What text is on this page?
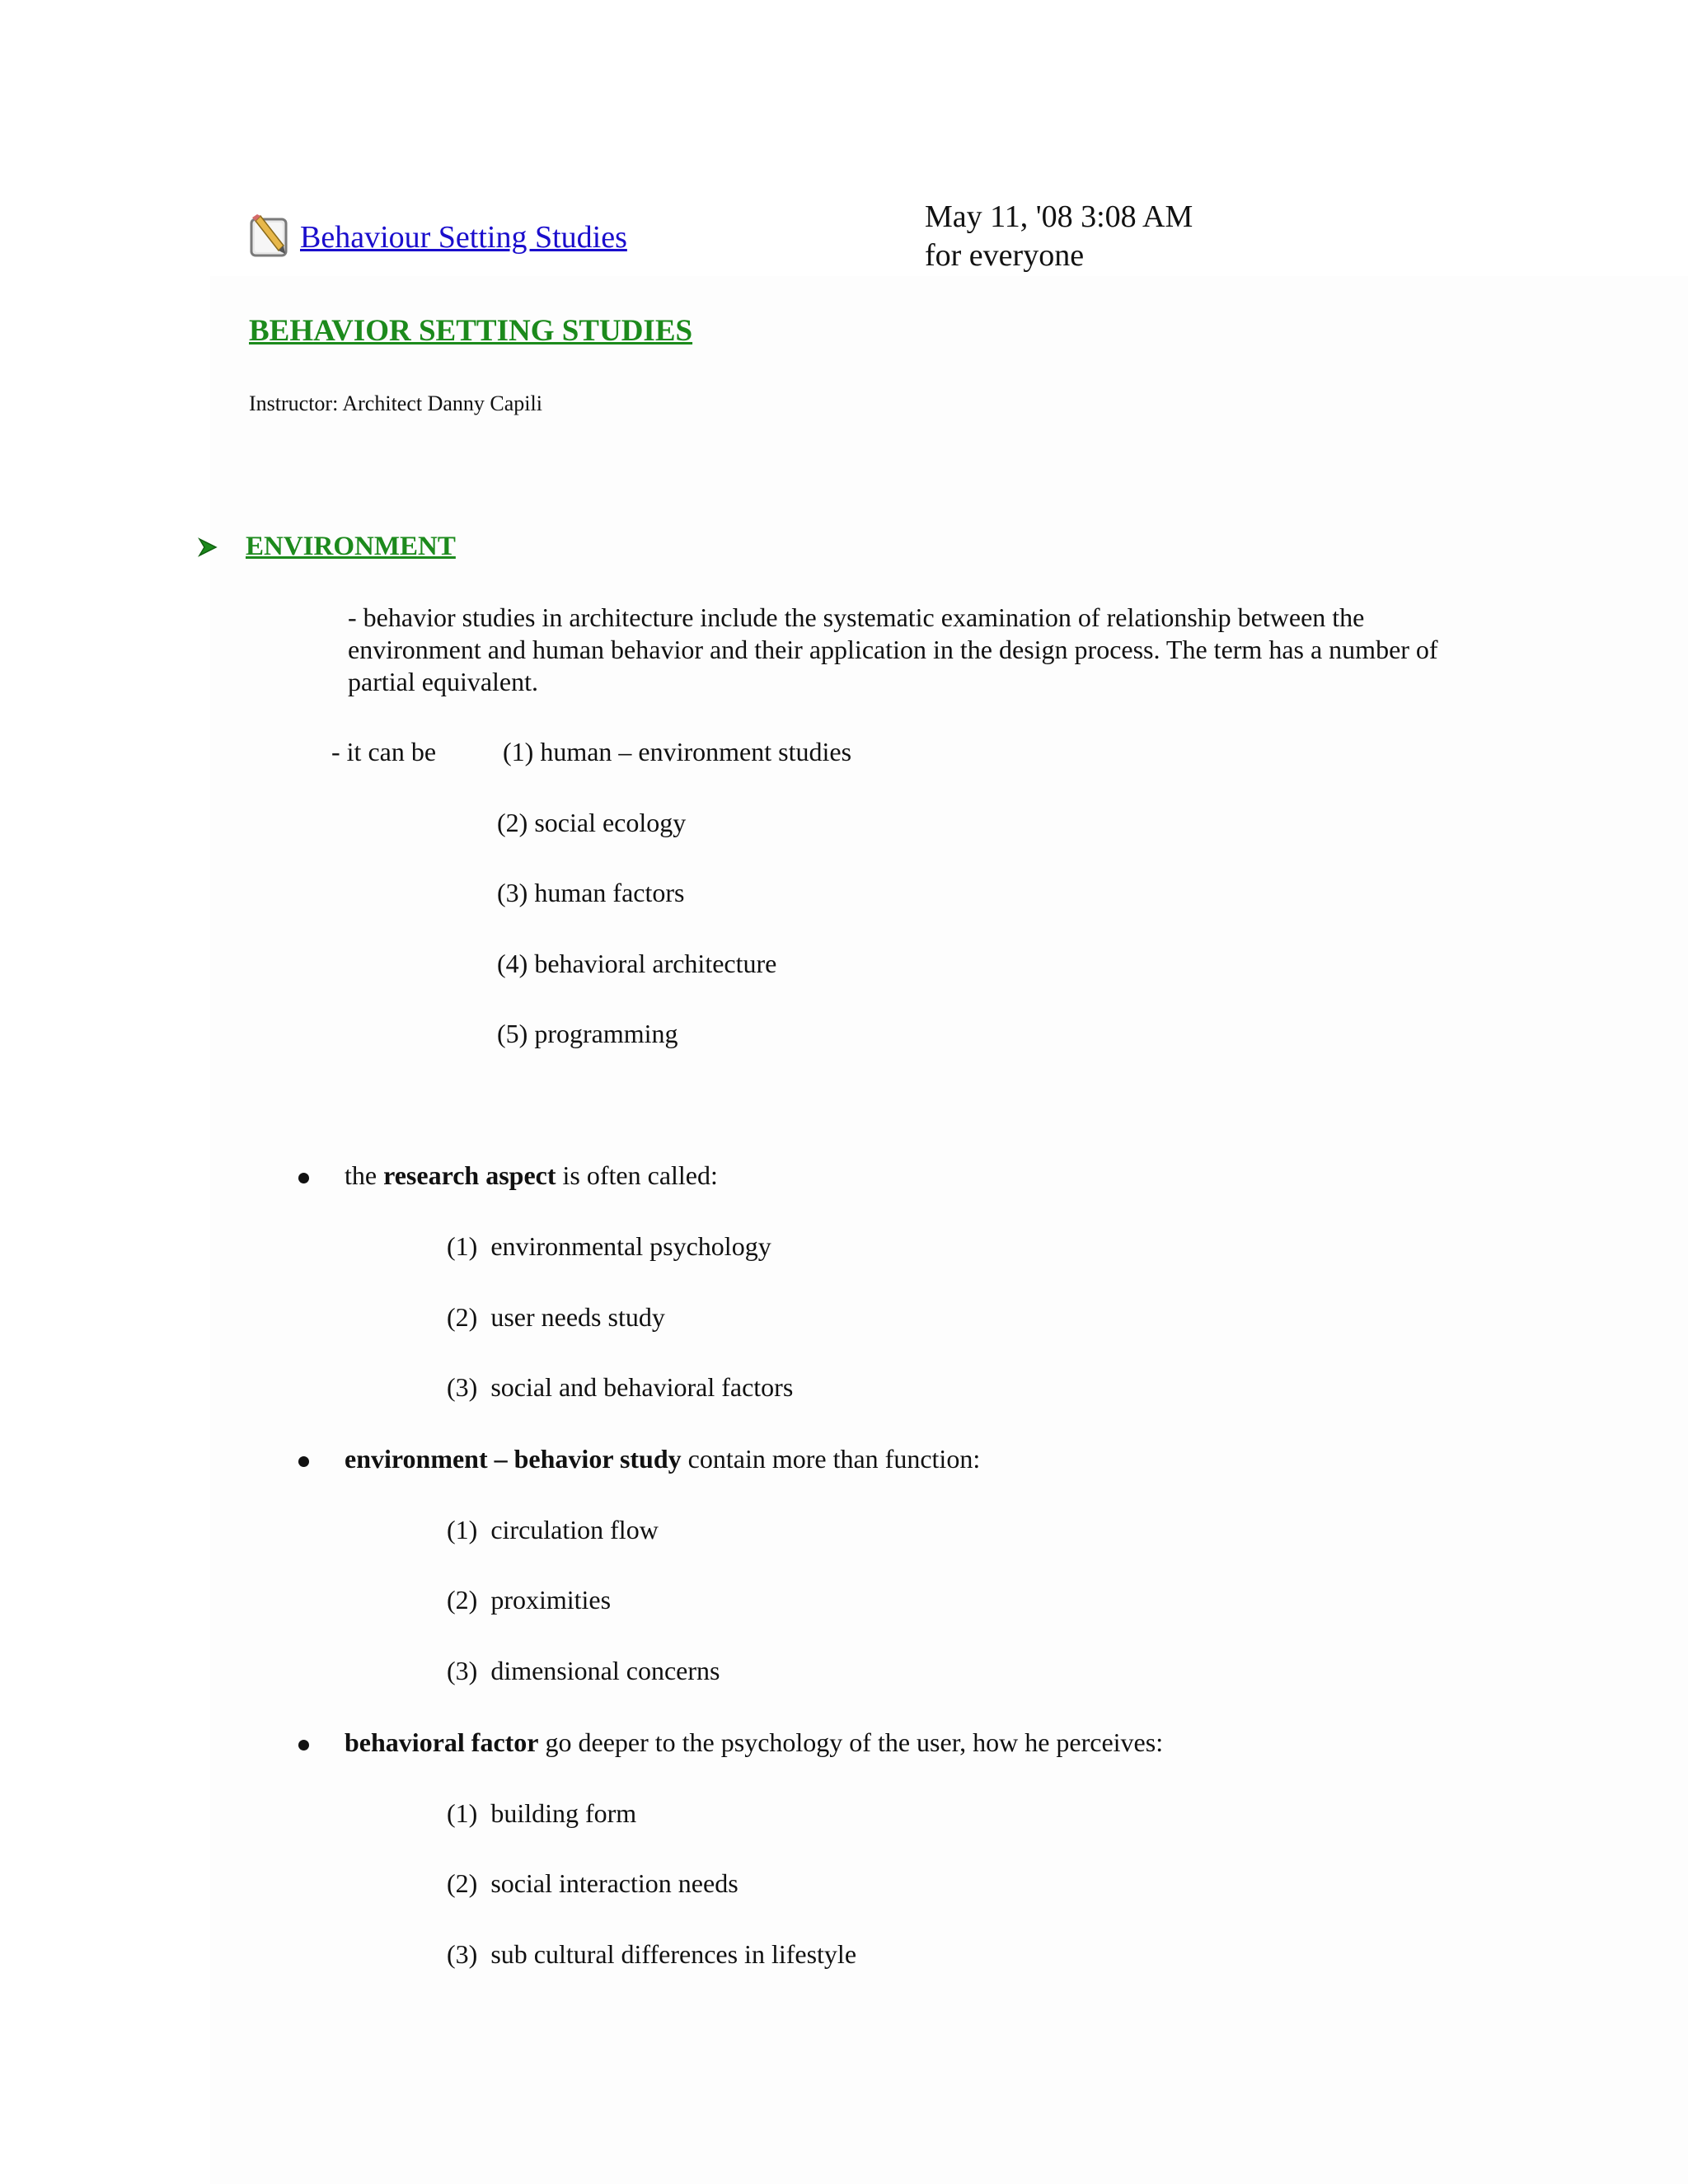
Behaviour Setting Studies
May 11, '08 3:08 AM
for everyone
BEHAVIOR SETTING STUDIES
Instructor: Architect Danny Capili
ENVIRONMENT
- behavior studies in architecture include the systematic examination of relationship between the environment and human behavior and their application in the design process. The term has a number of partial equivalent.
- it can be	(1) human – environment studies
(2) social ecology
(3) human factors
(4) behavioral architecture
(5) programming
the research aspect is often called:
(1) environmental psychology
(2) user needs study
(3) social and behavioral factors
environment – behavior study contain more than function:
(1) circulation flow
(2) proximities
(3) dimensional concerns
behavioral factor go deeper to the psychology of the user, how he perceives:
(1) building form
(2) social interaction needs
(3) sub cultural differences in lifestyle
